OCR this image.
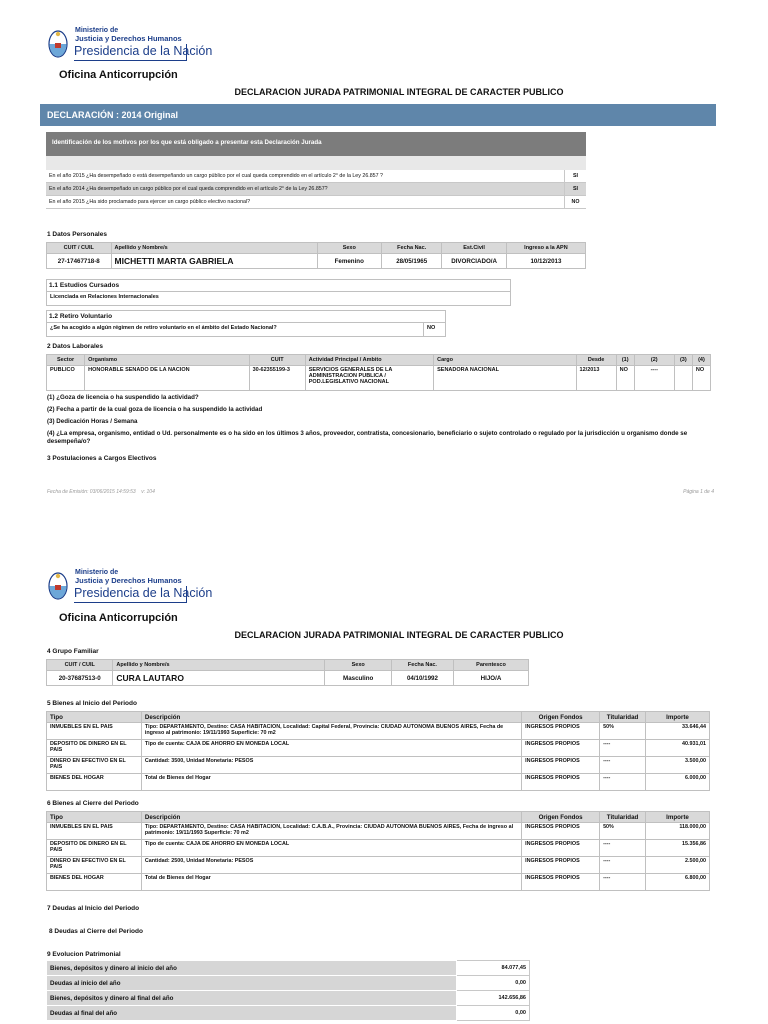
Ministerio de
Justicia y Derechos Humanos
Presidencia de la Nación
Oficina Anticorrupción
DECLARACION JURADA PATRIMONIAL INTEGRAL DE CARACTER PUBLICO
DECLARACIÓN : 2014 Original
Identificación de los motivos por los que está obligado a presentar esta Declaración Jurada
En el año 2015 ¿Ha desempeñado o está desempeñando un cargo público por el cual queda comprendido en el artículo 2° de la Ley 26.857 ?	SI
En el año 2014 ¿Ha desempeñado un cargo público por el cual queda comprendido en el artículo 2° de la Ley 26.857?	SI
En el año 2015 ¿Ha sido proclamado para ejercer un cargo público electivo nacional?	NO
1 Datos Personales
CUIT / CUIL	Apellido y Nombre/s	Sexo	Fecha Nac.	Est.Civil	Ingreso a la APN
27-17467718-8	MICHETTI MARTA GABRIELA	Femenino	28/05/1965	DIVORCIADO/A	10/12/2013
1.1 Estudios Cursados
Licenciada en Relaciones Internacionales
1.2 Retiro Voluntario
¿Se ha acogido a algún régimen de retiro voluntario en el ámbito del Estado Nacional?	NO
2 Datos Laborales
Sector	Organismo	CUIT	Actividad Principal / Ambito	Cargo	Desde	(1)	(2)	(3)	(4)
PUBLICO	HONORABLE SENADO DE LA NACION	30-62355199-3	SERVICIOS GENERALES DE LA ADMINISTRACION PUBLICA / POD.LEGISLATIVO NACIONAL	SENADORA NACIONAL	12/2013	NO	----		NO
(1) ¿Goza de licencia o ha suspendido la actividad?
(2) Fecha a partir de la cual goza de licencia o ha suspendido la actividad
(3) Dedicación Horas / Semana
(4) ¿La empresa, organismo, entidad o Ud. personalmente es o ha sido en los últimos 3 años, proveedor, contratista, concesionario, beneficiario o sujeto controlado o regulado por la jurisdicción u organismo donde se desempeña/o?
3 Postulaciones a Cargos Electivos
Fecha de Emisión: 03/06/2015 14:59:53    v: 104	Página 1 de 4
Ministerio de
Justicia y Derechos Humanos
Presidencia de la Nación
Oficina Anticorrupción
DECLARACION JURADA PATRIMONIAL INTEGRAL DE CARACTER PUBLICO
4 Grupo Familiar
CUIT / CUIL	Apellido y Nombre/s	Sexo	Fecha Nac.	Parentesco
20-37687513-0	CURA LAUTARO	Masculino	04/10/1992	HIJO/A
5 Bienes al Inicio del Periodo
Tipo	Descripción	Origen Fondos	Titularidad	Importe
INMUEBLES EN EL PAIS	Tipo: DEPARTAMENTO, Destino: CASA HABITACION, Localidad: Capital Federal, Provincia: CIUDAD AUTONOMA BUENOS AIRES, Fecha de ingreso al patrimonio: 19/11/1993 Superficie: 70 m2	INGRESOS PROPIOS	50%	33.646,44
DEPOSITO DE DINERO EN EL PAIS	Tipo de cuenta: CAJA DE AHORRO EN MONEDA LOCAL	INGRESOS PROPIOS	----	40.931,01
DINERO EN EFECTIVO EN EL PAIS	Cantidad: 3500, Unidad Monetaria: PESOS	INGRESOS PROPIOS	----	3.500,00
BIENES DEL HOGAR	Total de Bienes del Hogar	INGRESOS PROPIOS	----	6.000,00
6 Bienes al Cierre del Periodo
Tipo	Descripción	Origen Fondos	Titularidad	Importe
INMUEBLES EN EL PAIS	Tipo: DEPARTAMENTO, Destino: CASA HABITACION, Localidad: C.A.B.A., Provincia: CIUDAD AUTONOMA BUENOS AIRES, Fecha de ingreso al patrimonio: 19/11/1993 Superficie: 70 m2	INGRESOS PROPIOS	50%	118.000,00
DEPOSITO DE DINERO EN EL PAIS	Tipo de cuenta: CAJA DE AHORRO EN MONEDA LOCAL	INGRESOS PROPIOS	----	15.356,86
DINERO EN EFECTIVO EN EL PAIS	Cantidad: 2500, Unidad Monetaria: PESOS	INGRESOS PROPIOS	----	2.500,00
BIENES DEL HOGAR	Total de Bienes del Hogar	INGRESOS PROPIOS	----	6.800,00
7 Deudas al Inicio del Periodo
8 Deudas al Cierre del Periodo
9 Evolucion Patrimonial
Bienes, depósitos y dinero al inicio del año	84.077,45
Deudas al inicio del año	0,00
Bienes, depósitos y dinero al final del año	142.656,86
Deudas al final del año	0,00
